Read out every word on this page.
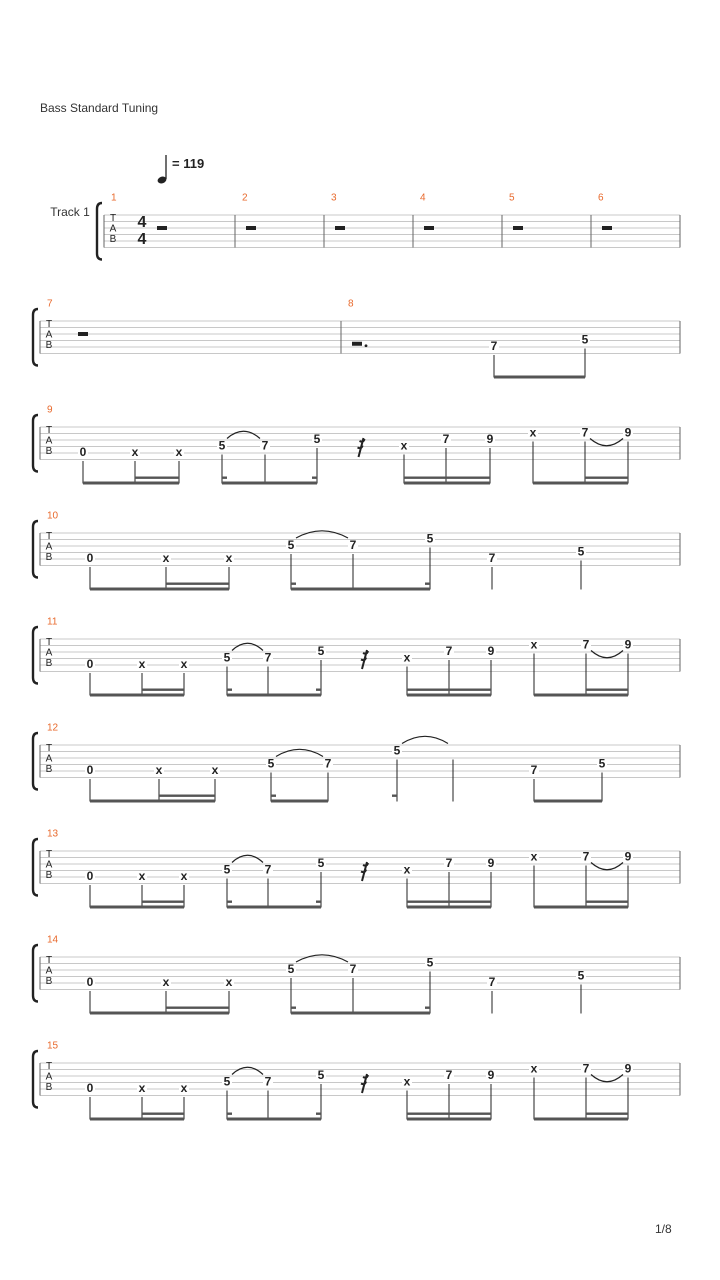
Bass Standard Tuning
= 119
T
A
B
1	2	3	4	5	6
T
A
B
7	8
T
A
B
9
T
A
B
10
T
A
B
11
T
A
B
12
T
A
B
13
T
A
B
14
T
A
B
15
Track 1
4
4
7	5
0	x	x	5	7	5	x	7	9	x	7	9
0	x	x
5	7	5
7	5
0	x	x	5	7	5	x	7	9	x	7	9
0	x	x	5	7
5
7	5
0	x	x	5	7	5	x	7	9	x	7	9
0	x	x
5	7	5
7	5
0	x	x	5	7	5	x	7	9	x	7	9
1/8
